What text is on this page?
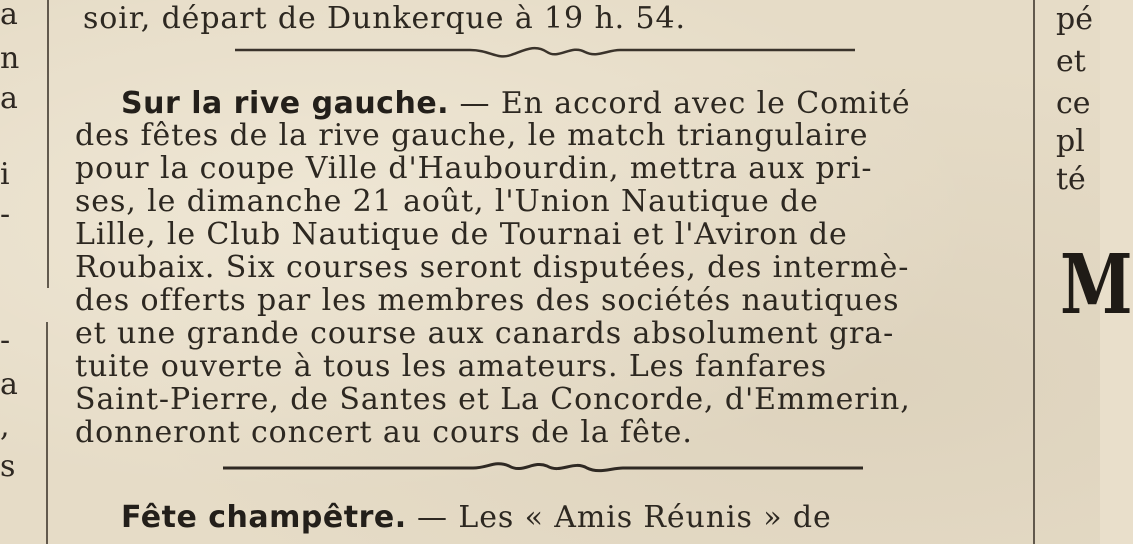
a
n
a
i
-
-
a
,
s
soir, départ de Dunkerque à 19 h. 54.
Sur la rive gauche. — En accord avec le Comité
des fêtes de la rive gauche, le match triangulaire
pour la coupe Ville d'Haubourdin, mettra aux pri-
ses, le dimanche 21 août, l'Union Nautique de
Lille, le Club Nautique de Tournai et l'Aviron de
Roubaix. Six courses seront disputées, des intermè-
des offerts par les membres des sociétés nautiques
et une grande course aux canards absolument gra-
tuite ouverte à tous les amateurs. Les fanfares
Saint-Pierre, de Santes et La Concorde, d'Emmerin,
donneront concert au cours de la fête.
Fête champêtre. — Les « Amis Réunis » de
pé
et
ce
pl
té
M
